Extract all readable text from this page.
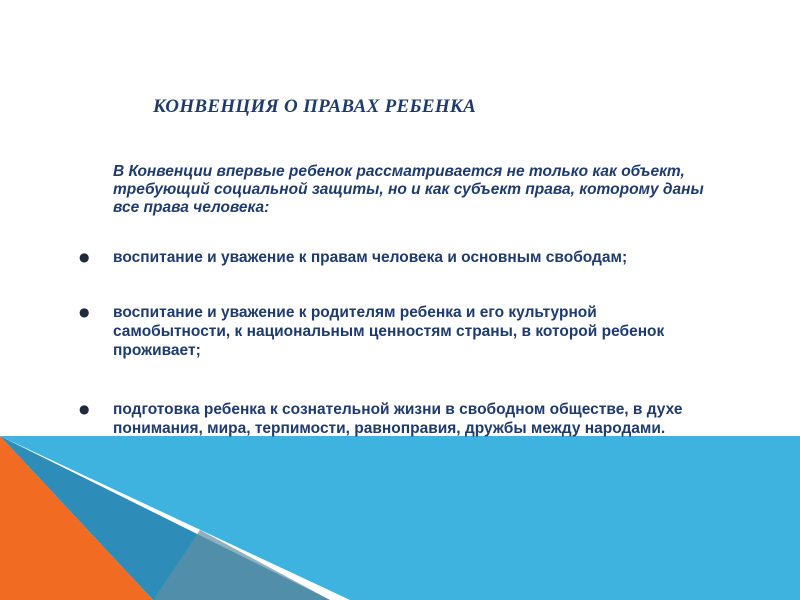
КОНВЕНЦИЯ О ПРАВАХ РЕБЕНКА

В Конвенции впервые ребенок рассматривается не только как объект, требующий социальной защиты, но и как субъект права, которому даны все права человека:

● воспитание и уважение к правам человека и основным свободам;
● воспитание и уважение к родителям ребенка и его культурной самобытности, к национальным ценностям страны, в которой ребенок проживает;
● подготовка ребенка к сознательной жизни в свободном обществе, в духе понимания, мира, терпимости, равноправия, дружбы между народами.
